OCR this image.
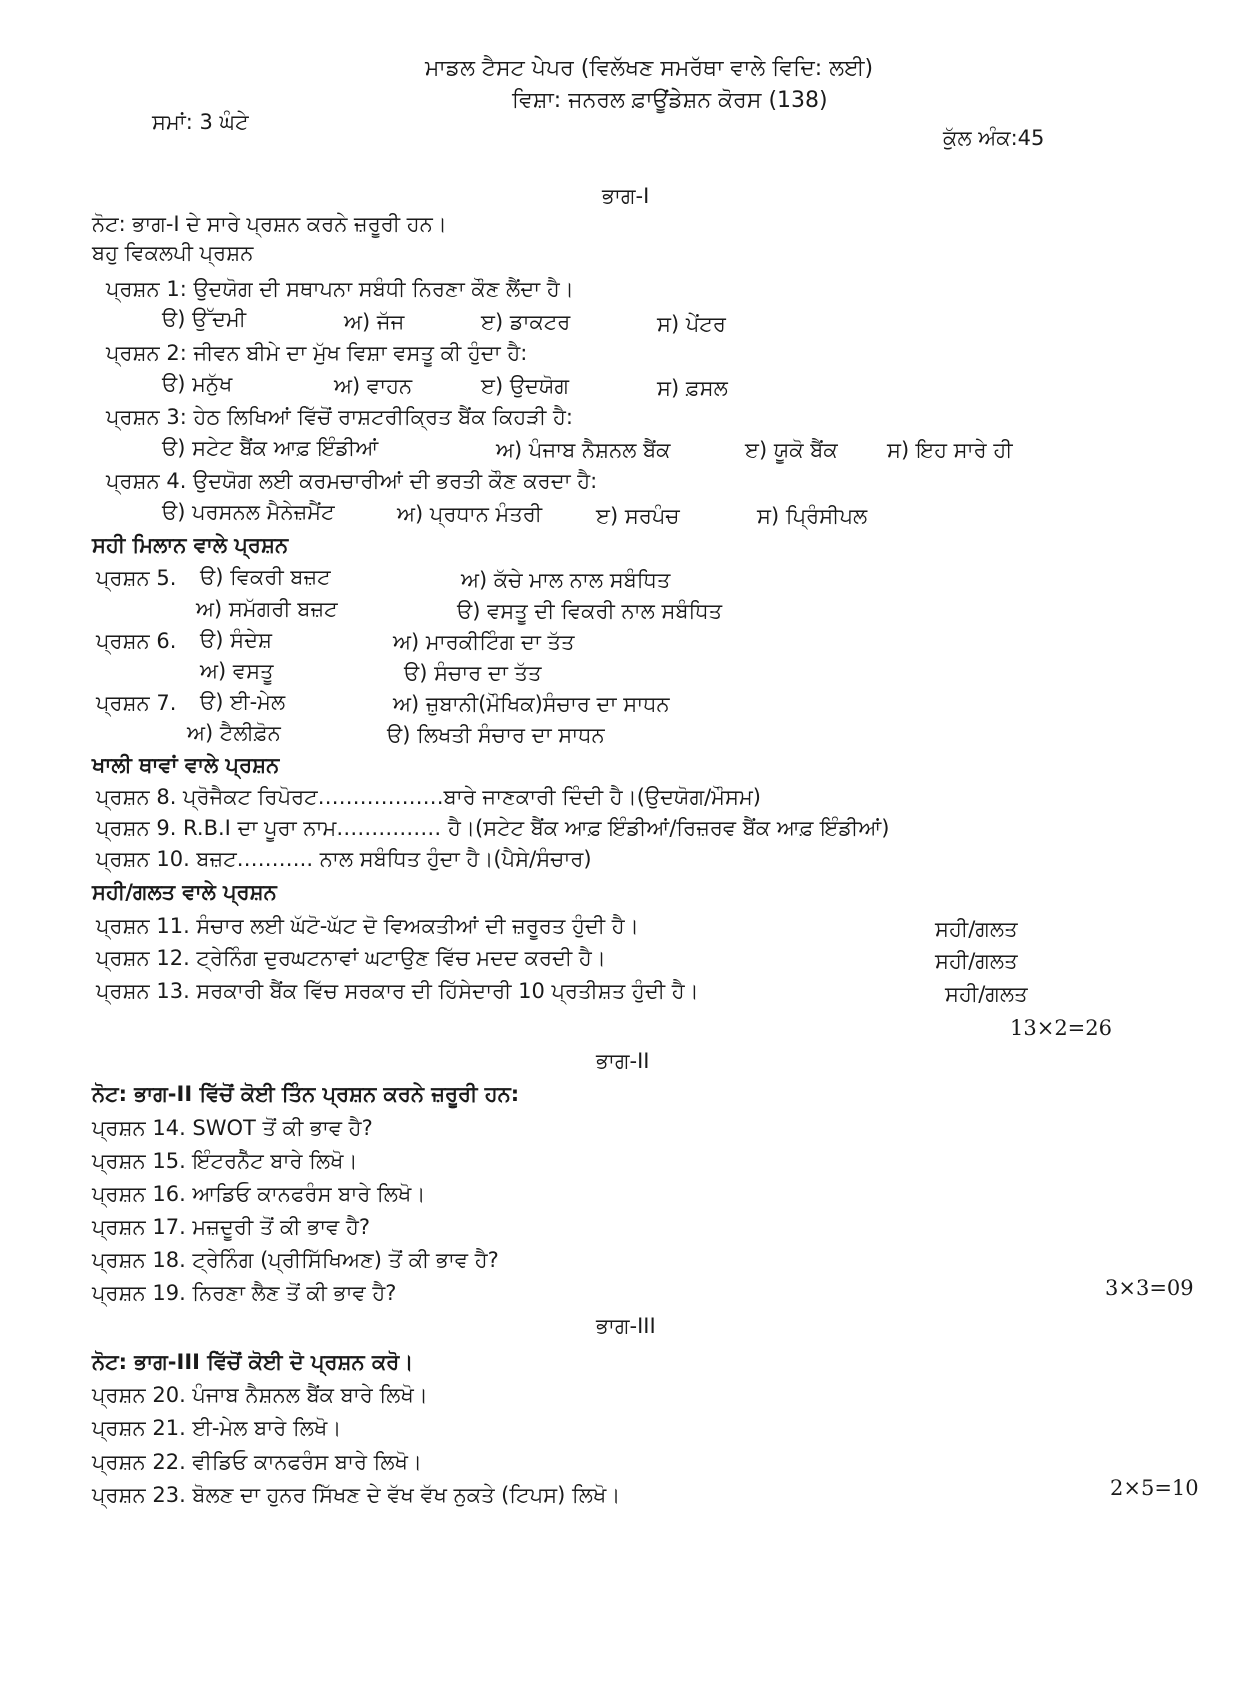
ਮਾਡਲ ਟੈਸਟ ਪੇਪਰ (ਵਿਲੱਖਣ ਸਮਰੱਥਾ ਵਾਲੇ ਵਿਦਿ: ਲਈ)
ਵਿਸ਼ਾ: ਜਨਰਲ ਫ਼ਾਊਂਡੇਸ਼ਨ ਕੋਰਸ (138)
ਸਮਾਂ: 3 ਘੰਟੇ
ਕੁੱਲ ਅੰਕ:45
ਭਾਗ-I
ਨੋਟ: ਭਾਗ-I ਦੇ ਸਾਰੇ ਪ੍ਰਸ਼ਨ ਕਰਨੇ ਜ਼ਰੂਰੀ ਹਨ।
ਬਹੁ ਵਿਕਲਪੀ ਪ੍ਰਸ਼ਨ
ਪ੍ਰਸ਼ਨ 1: ਉਦਯੋਗ ਦੀ ਸਥਾਪਨਾ ਸਬੰਧੀ ਨਿਰਣਾ ਕੌਣ ਲੈਂਦਾ ਹੈ।
ੳ) ਉੱਦਮੀ	ਅ) ਜੱਜ	ੲ) ਡਾਕਟਰ	ਸ) ਪੇਂਟਰ
ਪ੍ਰਸ਼ਨ 2: ਜੀਵਨ ਬੀਮੇ ਦਾ ਮੁੱਖ ਵਿਸ਼ਾ ਵਸਤੂ ਕੀ ਹੁੰਦਾ ਹੈ:
ੳ) ਮਨੁੱਖ	ਅ) ਵਾਹਨ	ੲ) ਉਦਯੋਗ	ਸ) ਫ਼ਸਲ
ਪ੍ਰਸ਼ਨ 3: ਹੇਠ ਲਿਖਿਆਂ ਵਿੱਚੋਂ ਰਾਸ਼ਟਰੀਕ੍ਰਿਤ ਬੈਂਕ ਕਿਹੜੀ ਹੈ:
ੳ) ਸਟੇਟ ਬੈਂਕ ਆਫ਼ ਇੰਡੀਆਂ	ਅ) ਪੰਜਾਬ ਨੈਸ਼ਨਲ ਬੈਂਕ	ੲ) ਯੂਕੋ ਬੈਂਕ ਸ) ਇਹ ਸਾਰੇ ਹੀ
ਪ੍ਰਸ਼ਨ 4. ਉਦਯੋਗ ਲਈ ਕਰਮਚਾਰੀਆਂ ਦੀ ਭਰਤੀ ਕੌਣ ਕਰਦਾ ਹੈ:
ੳ) ਪਰਸਨਲ ਮੈਨੇਜ਼ਮੈਂਟ	ਅ) ਪ੍ਰਧਾਨ ਮੰਤਰੀ	ੲ) ਸਰਪੰਚ	ਸ) ਪ੍ਰਿੰਸੀਪਲ
ਸਹੀ ਮਿਲਾਨ ਵਾਲੇ ਪ੍ਰਸ਼ਨ
ਪ੍ਰਸ਼ਨ 5. ੳ) ਵਿਕਰੀ ਬਜ਼ਟ	ਅ) ਕੱਚੇ ਮਾਲ ਨਾਲ ਸਬੰਧਿਤ
ਅ) ਸਮੱਗਰੀ ਬਜ਼ਟ	ੳ) ਵਸਤੂ ਦੀ ਵਿਕਰੀ ਨਾਲ ਸਬੰਧਿਤ
ਪ੍ਰਸ਼ਨ 6. ੳ) ਸੰਦੇਸ਼	ਅ) ਮਾਰਕੀਟਿੰਗ ਦਾ ਤੱਤ
ਅ) ਵਸਤੂ	ੳ) ਸੰਚਾਰ ਦਾ ਤੱਤ
ਪ੍ਰਸ਼ਨ 7. ੳ) ਈ-ਮੇਲ	ਅ) ਜ਼ੁਬਾਨੀ(ਮੌਖਿਕ)ਸੰਚਾਰ ਦਾ ਸਾਧਨ
ਅ) ਟੈਲੀਫ਼ੋਨ	ੳ) ਲਿਖਤੀ ਸੰਚਾਰ ਦਾ ਸਾਧਨ
ਖਾਲੀ ਥਾਵਾਂ ਵਾਲੇ ਪ੍ਰਸ਼ਨ
ਪ੍ਰਸ਼ਨ 8. ਪ੍ਰੋਜੈਕਟ ਰਿਪੋਰਟ………………ਬਾਰੇ ਜਾਣਕਾਰੀ ਦਿੰਦੀ ਹੈ।(ਉਦਯੋਗ/ਮੌਸਮ)
ਪ੍ਰਸ਼ਨ 9. R.B.I ਦਾ ਪੂਰਾ ਨਾਮ…………… ਹੈ।(ਸਟੇਟ ਬੈਂਕ ਆਫ਼ ਇੰਡੀਆਂ/ਰਿਜ਼ਰਵ ਬੈਂਕ ਆਫ਼ ਇੰਡੀਆਂ)
ਪ੍ਰਸ਼ਨ 10. ਬਜ਼ਟ……….. ਨਾਲ ਸਬੰਧਿਤ ਹੁੰਦਾ ਹੈ।(ਪੈਸੇ/ਸੰਚਾਰ)
ਸਹੀ/ਗਲਤ ਵਾਲੇ ਪ੍ਰਸ਼ਨ
ਪ੍ਰਸ਼ਨ 11. ਸੰਚਾਰ ਲਈ ਘੱਟੋ-ਘੱਟ ਦੋ ਵਿਅਕਤੀਆਂ ਦੀ ਜ਼ਰੂਰਤ ਹੁੰਦੀ ਹੈ।	ਸਹੀ/ਗਲਤ
ਪ੍ਰਸ਼ਨ 12. ਟ੍ਰੇਨਿੰਗ ਦੁਰਘਟਨਾਵਾਂ ਘਟਾਉਣ ਵਿੱਚ ਮਦਦ ਕਰਦੀ ਹੈ।	ਸਹੀ/ਗਲਤ
ਪ੍ਰਸ਼ਨ 13. ਸਰਕਾਰੀ ਬੈਂਕ ਵਿੱਚ ਸਰਕਾਰ ਦੀ ਹਿੱਸੇਦਾਰੀ 10 ਪ੍ਰਤੀਸ਼ਤ ਹੁੰਦੀ ਹੈ।	ਸਹੀ/ਗਲਤ
13×2=26
ਭਾਗ-II
ਨੋਟ: ਭਾਗ-II ਵਿੱਚੋਂ ਕੋਈ ਤਿੰਨ ਪ੍ਰਸ਼ਨ ਕਰਨੇ ਜ਼ਰੂਰੀ ਹਨ:
ਪ੍ਰਸ਼ਨ 14. SWOT ਤੋਂ ਕੀ ਭਾਵ ਹੈ?
ਪ੍ਰਸ਼ਨ 15. ਇੰਟਰਨੈੱਟ ਬਾਰੇ ਲਿਖੋ।
ਪ੍ਰਸ਼ਨ 16. ਆਡਿਓ ਕਾਨਫਰੰਸ ਬਾਰੇ ਲਿਖੋ।
ਪ੍ਰਸ਼ਨ 17. ਮਜ਼ਦੂਰੀ ਤੋਂ ਕੀ ਭਾਵ ਹੈ?
ਪ੍ਰਸ਼ਨ 18. ਟ੍ਰੇਨਿੰਗ (ਪ੍ਰੀਸਿੱਖਿਅਣ) ਤੋਂ ਕੀ ਭਾਵ ਹੈ?
ਪ੍ਰਸ਼ਨ 19. ਨਿਰਣਾ ਲੈਣ ਤੋਂ ਕੀ ਭਾਵ ਹੈ?	3×3=09
ਭਾਗ-III
ਨੋਟ: ਭਾਗ-III ਵਿੱਚੋਂ ਕੋਈ ਦੋ ਪ੍ਰਸ਼ਨ ਕਰੋ।
ਪ੍ਰਸ਼ਨ 20. ਪੰਜਾਬ ਨੈਸ਼ਨਲ ਬੈਂਕ ਬਾਰੇ ਲਿਖੋ।
ਪ੍ਰਸ਼ਨ 21. ਈ-ਮੇਲ ਬਾਰੇ ਲਿਖੋ।
ਪ੍ਰਸ਼ਨ 22. ਵੀਡਿਓ ਕਾਨਫਰੰਸ ਬਾਰੇ ਲਿਖੋ।
ਪ੍ਰਸ਼ਨ 23. ਬੋਲਣ ਦਾ ਹੁਨਰ ਸਿੱਖਣ ਦੇ ਵੱਖ ਵੱਖ ਨੁਕਤੇ (ਟਿਪਸ) ਲਿਖੋ।	2×5=10
